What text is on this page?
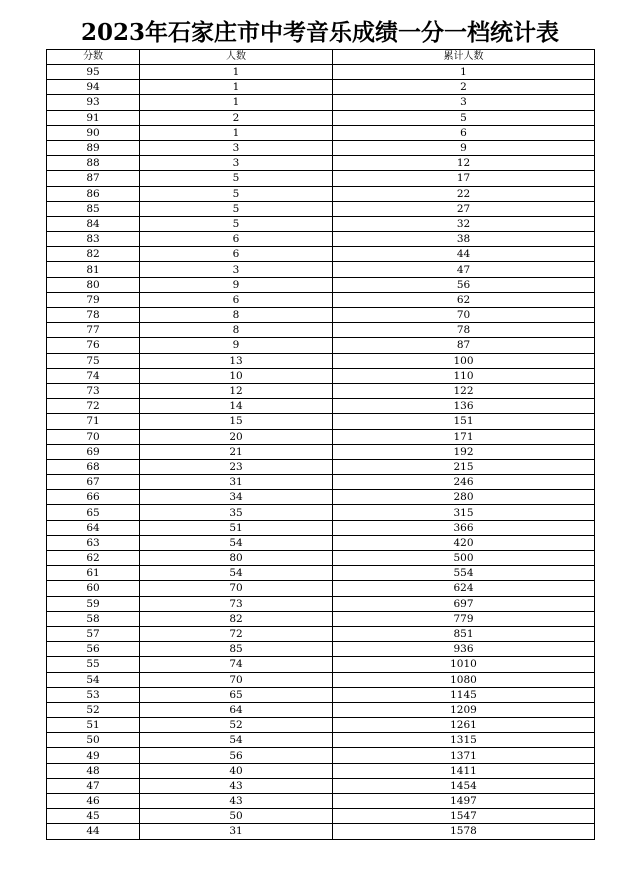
2023年石家庄市中考音乐成绩一分一档统计表
分数	人数	累计人数
95	1	1
94	1	2
93	1	3
91	2	5
90	1	6
89	3	9
88	3	12
87	5	17
86	5	22
85	5	27
84	5	32
83	6	38
82	6	44
81	3	47
80	9	56
79	6	62
78	8	70
77	8	78
76	9	87
75	13	100
74	10	110
73	12	122
72	14	136
71	15	151
70	20	171
69	21	192
68	23	215
67	31	246
66	34	280
65	35	315
64	51	366
63	54	420
62	80	500
61	54	554
60	70	624
59	73	697
58	82	779
57	72	851
56	85	936
55	74	1010
54	70	1080
53	65	1145
52	64	1209
51	52	1261
50	54	1315
49	56	1371
48	40	1411
47	43	1454
46	43	1497
45	50	1547
44	31	1578
